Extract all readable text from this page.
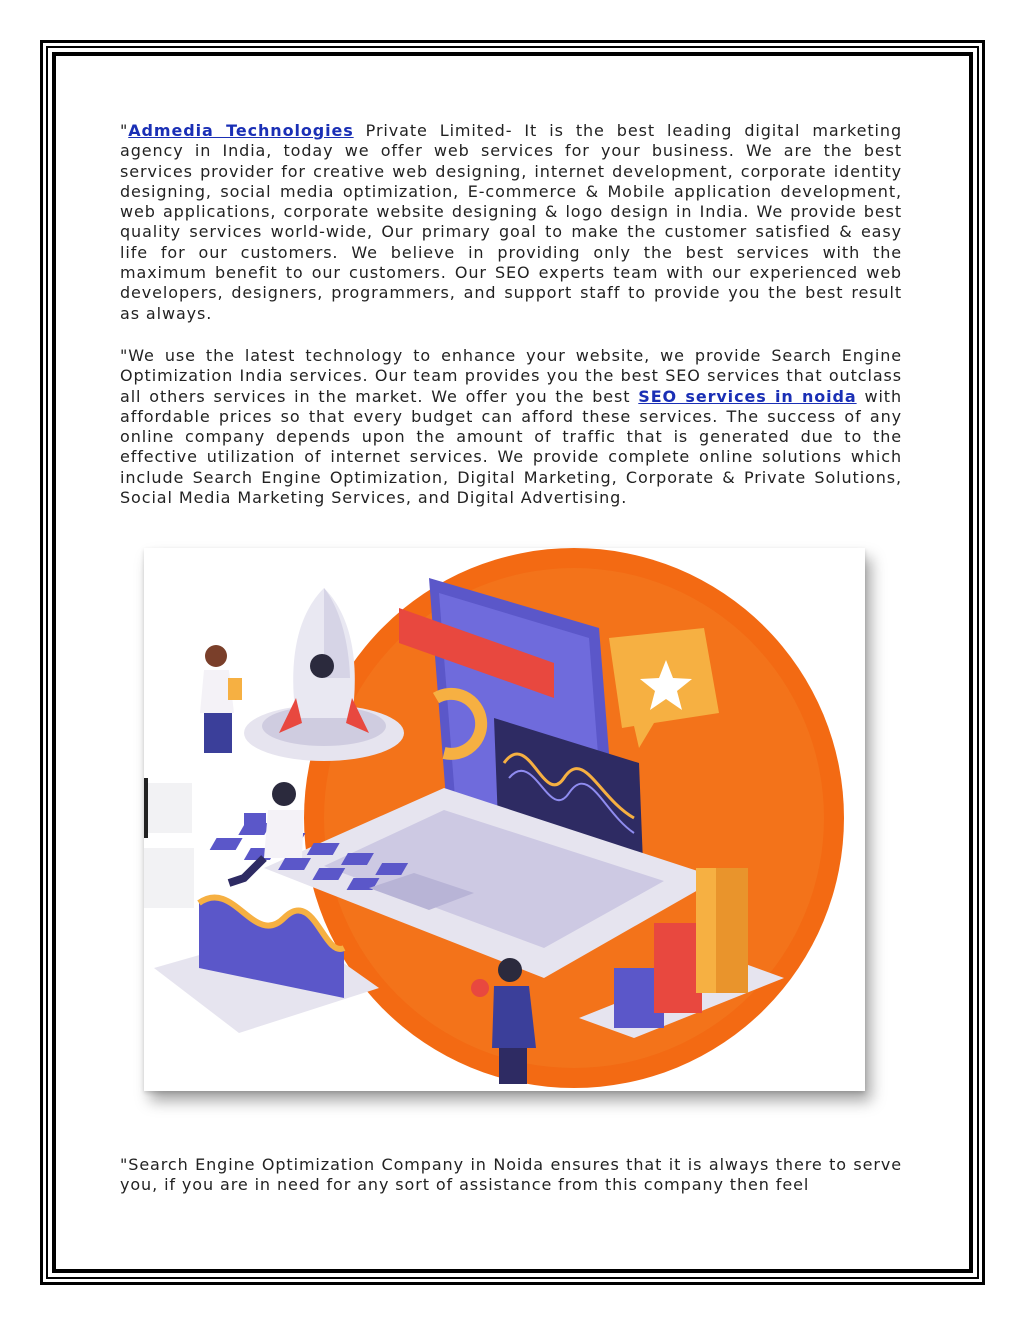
"Admedia Technologies Private Limited- It is the best leading digital marketing agency in India, today we offer web services for your business. We are the best services provider for creative web designing, internet development, corporate identity designing, social media optimization, E-commerce & Mobile application development, web applications, corporate website designing & logo design in India. We provide best quality services world-wide, Our primary goal to make the customer satisfied & easy life for our customers. We believe in providing only the best services with the maximum benefit to our customers. Our SEO experts team with our experienced web developers, designers, programmers, and support staff to provide you the best result as always.

"We use the latest technology to enhance your website, we provide Search Engine Optimization India services. Our team provides you the best SEO services that outclass all others services in the market. We offer you the best SEO services in noida with affordable prices so that every budget can afford these services. The success of any online company depends upon the amount of traffic that is generated due to the effective utilization of internet services. We provide complete online solutions which include Search Engine Optimization, Digital Marketing, Corporate & Private Solutions, Social Media Marketing Services, and Digital Advertising.

"Search Engine Optimization Company in Noida ensures that it is always there to serve you, if you are in need for any sort of assistance from this company then feel
